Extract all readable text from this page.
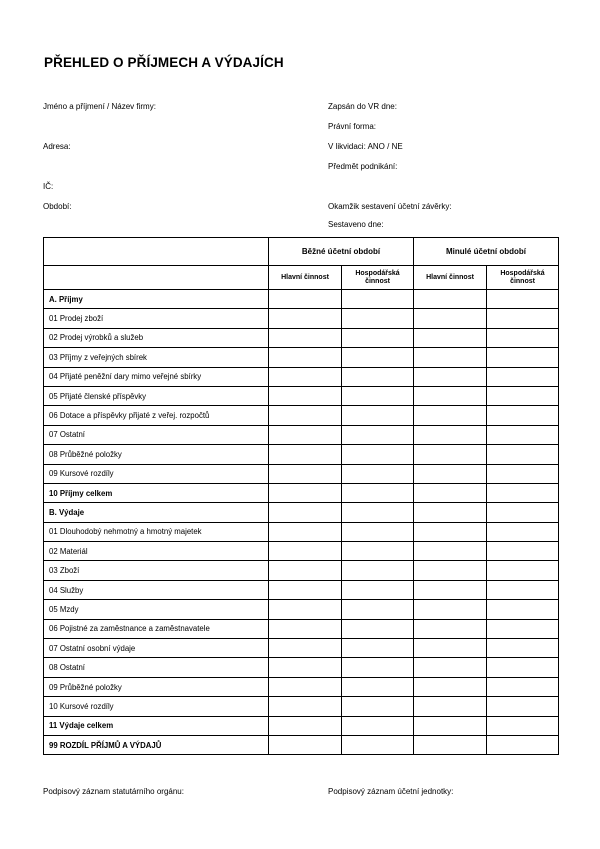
PŘEHLED O PŘÍJMECH A VÝDAJÍCH
Jméno a příjmení / Název firmy:
Adresa:
IČ:
Období:
Zapsán do VR dne:
Právní forma:
V likvidaci: ANO / NE
Předmět podnikání:
Okamžik sestavení účetní závěrky:
Sestaveno dne:
	Běžné účetní období		Minulé účetní období	
	Hlavní činnost	Hospodářská činnost	Hlavní činnost	Hospodářská činnost
A. Příjmy				
01 Prodej zboží				
02 Prodej výrobků a služeb				
03 Příjmy z veřejných sbírek				
04 Přijaté peněžní dary mimo veřejné sbírky				
05 Přijaté členské příspěvky				
06 Dotace a příspěvky přijaté z veřej. rozpočtů				
07 Ostatní				
08 Průběžné položky				
09 Kursové rozdíly				
10 Příjmy celkem				
B. Výdaje				
01 Dlouhodobý nehmotný a hmotný majetek				
02 Materiál				
03 Zboží				
04 Služby				
05 Mzdy				
06 Pojistné za zaměstnance a zaměstnavatele				
07 Ostatní osobní výdaje				
08 Ostatní				
09 Průběžné položky				
10 Kursové rozdíly				
11 Výdaje celkem				
99 ROZDÍL PŘÍJMŮ A VÝDAJŮ				
Podpisový záznam statutárního orgánu:	Podpisový záznam účetní jednotky:
